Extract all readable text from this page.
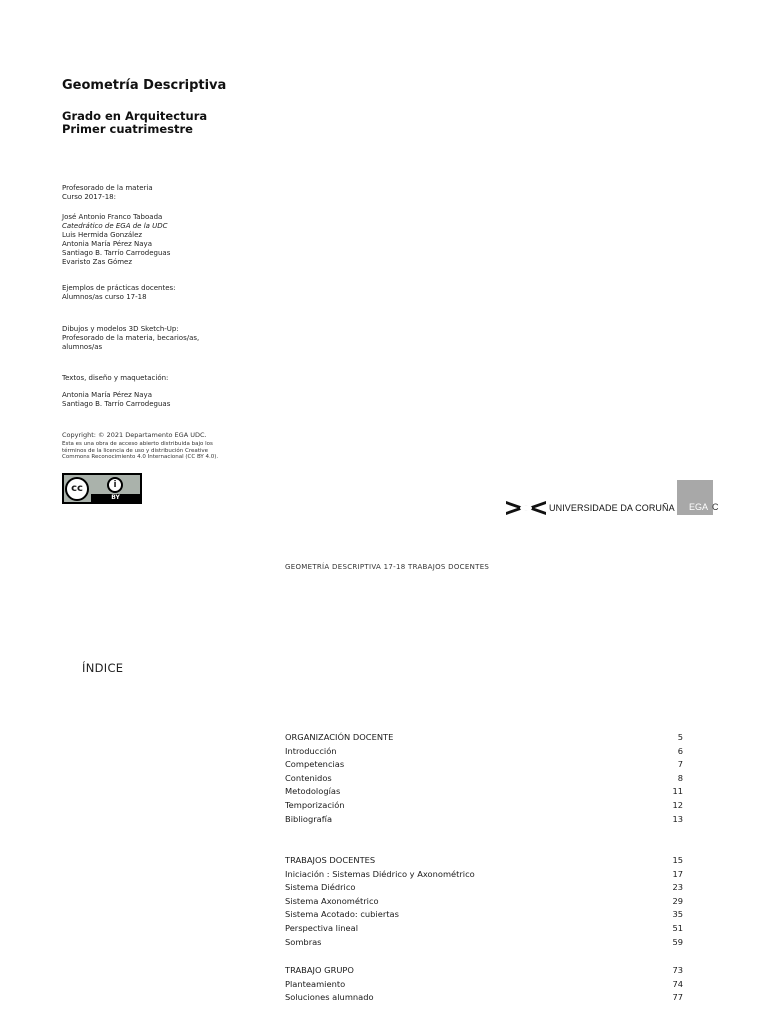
Geometría Descriptiva
Grado en Arquitectura
Primer cuatrimestre
Profesorado de la materia
Curso 2017-18:
José Antonio Franco Taboada
Catedrático de EGA de la UDC
Luis Hermida González
Antonia María Pérez Naya
Santiago B. Tarrío Carrodeguas
Evaristo Zas Gómez
Ejemplos de prácticas docentes:
Alumnos/as curso 17-18
Dibujos y modelos 3D Sketch-Up:
Profesorado de la materia, becarios/as,
alumnos/as
Textos, diseño y maquetación:
Antonia María Pérez Naya
Santiago B. Tarrío Carrodeguas
Copyright: © 2021 Departamento EGA UDC.
Esta es una obra de acceso abierto distribuida bajo los
términos de la licencia de uso y distribución Creative
Commons Reconocimiento 4.0 Internacional (CC BY 4.0).
cc	i
BY
UNIVERSIDADE DA CORUÑA EGA C
GEOMETRÍA DESCRIPTIVA 17-18 TRABAJOS DOCENTES
ÍNDICE
ORGANIZACIÓN DOCENTE	5
Introducción	6
Competencias	7
Contenidos	8
Metodologías	11
Temporización	12
Bibliografía	13
TRABAJOS DOCENTES	15
Iniciación : Sistemas Diédrico y Axonométrico	17
Sistema Diédrico	23
Sistema Axonométrico	29
Sistema Acotado: cubiertas	35
Perspectiva lineal	51
Sombras	59
TRABAJO GRUPO	73
Planteamiento	74
Soluciones alumnado	77
